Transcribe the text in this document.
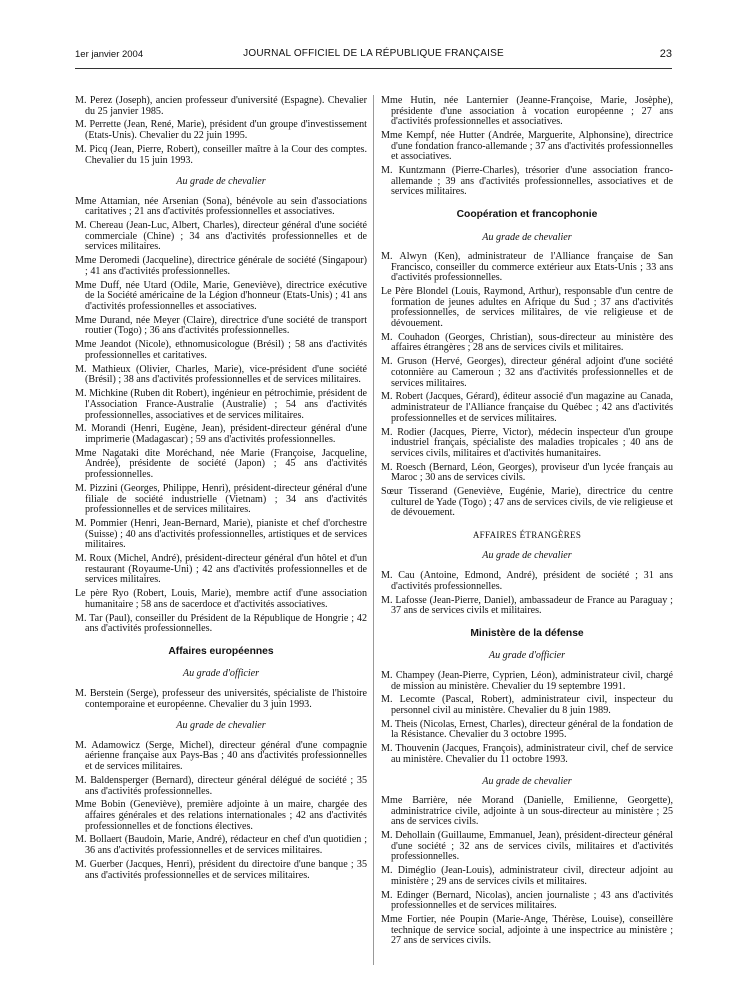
1er janvier 2004	JOURNAL OFFICIEL DE LA RÉPUBLIQUE FRANÇAISE	23

M. Perez (Joseph), ancien professeur d'université (Espagne). Chevalier du 25 janvier 1985.

M. Perrette (Jean, René, Marie), président d'un groupe d'investissement (Etats-Unis). Chevalier du 22 juin 1995.

M. Picq (Jean, Pierre, Robert), conseiller maître à la Cour des comptes. Chevalier du 15 juin 1993.

Au grade de chevalier

Mme Attamian, née Arsenian (Sona), bénévole au sein d'associations caritatives ; 21 ans d'activités professionnelles et associatives.

M. Chereau (Jean-Luc, Albert, Charles), directeur général d'une société commerciale (Chine) ; 34 ans d'activités professionnelles et de services militaires.

Mme Deromedi (Jacqueline), directrice générale de société (Singapour) ; 41 ans d'activités professionnelles.

Mme Duff, née Utard (Odile, Marie, Geneviève), directrice exécutive de la Société américaine de la Légion d'honneur (Etats-Unis) ; 41 ans d'activités professionnelles et associatives.

Mme Durand, née Meyer (Claire), directrice d'une société de transport routier (Togo) ; 36 ans d'activités professionnelles.

Mme Jeandot (Nicole), ethnomusicologue (Brésil) ; 58 ans d'activités professionnelles et caritatives.

M. Mathieux (Olivier, Charles, Marie), vice-président d'une société (Brésil) ; 38 ans d'activités professionnelles et de services militaires.

M. Michkine (Ruben dit Robert), ingénieur en pétrochimie, président de l'Association France-Australie (Australie) ; 54 ans d'activités professionnelles, associatives et de services militaires.

M. Morandi (Henri, Eugène, Jean), président-directeur général d'une imprimerie (Madagascar) ; 59 ans d'activités professionnelles.

Mme Nagataki dite Moréchand, née Marie (Françoise, Jacqueline, Andrée), présidente de société (Japon) ; 45 ans d'activités professionnelles.

M. Pizzini (Georges, Philippe, Henri), président-directeur général d'une filiale de société industrielle (Vietnam) ; 34 ans d'activités professionnelles et de services militaires.

M. Pommier (Henri, Jean-Bernard, Marie), pianiste et chef d'orchestre (Suisse) ; 40 ans d'activités professionnelles, artistiques et de services militaires.

M. Roux (Michel, André), président-directeur général d'un hôtel et d'un restaurant (Royaume-Uni) ; 42 ans d'activités professionnelles et de services militaires.

Le père Ryo (Robert, Louis, Marie), membre actif d'une association humanitaire ; 58 ans de sacerdoce et d'activités associatives.

M. Tar (Paul), conseiller du Président de la République de Hongrie ; 42 ans d'activités professionnelles.

Affaires européennes
Au grade d'officier

M. Berstein (Serge), professeur des universités, spécialiste de l'histoire contemporaine et européenne. Chevalier du 3 juin 1993.

Au grade de chevalier

M. Adamowicz (Serge, Michel), directeur général d'une compagnie aérienne française aux Pays-Bas ; 40 ans d'activités professionnelles et de services militaires.

M. Baldensperger (Bernard), directeur général délégué de société ; 35 ans d'activités professionnelles.

Mme Bobin (Geneviève), première adjointe à un maire, chargée des affaires générales et des relations internationales ; 42 ans d'activités professionnelles et de fonctions électives.

M. Bollaert (Baudoin, Marie, André), rédacteur en chef d'un quotidien ; 36 ans d'activités professionnelles et de services militaires.

M. Guerber (Jacques, Henri), président du directoire d'une banque ; 35 ans d'activités professionnelles et de services militaires.

Mme Hutin, née Lanternier (Jeanne-Françoise, Marie, Josèphe), présidente d'une association à vocation européenne ; 27 ans d'activités professionnelles et associatives.

Mme Kempf, née Hutter (Andrée, Marguerite, Alphonsine), directrice d'une fondation franco-allemande ; 37 ans d'activités professionnelles et associatives.

M. Kuntzmann (Pierre-Charles), trésorier d'une association franco-allemande ; 39 ans d'activités professionnelles, associatives et de services militaires.

Coopération et francophonie
Au grade de chevalier

M. Alwyn (Ken), administrateur de l'Alliance française de San Francisco, conseiller du commerce extérieur aux Etats-Unis ; 33 ans d'activités professionnelles.

Le Père Blondel (Louis, Raymond, Arthur), responsable d'un centre de formation de jeunes adultes en Afrique du Sud ; 37 ans d'activités professionnelles, de services militaires, de vie religieuse et de dévouement.

M. Couhadon (Georges, Christian), sous-directeur au ministère des affaires étrangères ; 28 ans de services civils et militaires.

M. Gruson (Hervé, Georges), directeur général adjoint d'une société cotonnière au Cameroun ; 32 ans d'activités professionnelles et de services militaires.

M. Robert (Jacques, Gérard), éditeur associé d'un magazine au Canada, administrateur de l'Alliance française du Québec ; 42 ans d'activités professionnelles et de services militaires.

M. Rodier (Jacques, Pierre, Victor), médecin inspecteur d'un groupe industriel français, spécialiste des maladies tropicales ; 40 ans de services civils, militaires et d'activités humanitaires.

M. Roesch (Bernard, Léon, Georges), proviseur d'un lycée français au Maroc ; 30 ans de services civils.

Sœur Tisserand (Geneviève, Eugénie, Marie), directrice du centre culturel de Yade (Togo) ; 47 ans de services civils, de vie religieuse et de dévouement.

AFFAIRES ÉTRANGÈRES
Au grade de chevalier

M. Cau (Antoine, Edmond, André), président de société ; 31 ans d'activités professionnelles.

M. Lafosse (Jean-Pierre, Daniel), ambassadeur de France au Paraguay ; 37 ans de services civils et militaires.

Ministère de la défense
Au grade d'officier

M. Champey (Jean-Pierre, Cyprien, Léon), administrateur civil, chargé de mission au ministère. Chevalier du 19 septembre 1991.

M. Lecomte (Pascal, Robert), administrateur civil, inspecteur du personnel civil au ministère. Chevalier du 8 juin 1989.

M. Theis (Nicolas, Ernest, Charles), directeur général de la fondation de la Résistance. Chevalier du 3 octobre 1995.

M. Thouvenin (Jacques, François), administrateur civil, chef de service au ministère. Chevalier du 11 octobre 1993.

Au grade de chevalier

Mme Barrière, née Morand (Danielle, Emilienne, Georgette), administratrice civile, adjointe à un sous-directeur au ministère ; 25 ans de services civils.

M. Dehollain (Guillaume, Emmanuel, Jean), président-directeur général d'une société ; 32 ans de services civils, militaires et d'activités professionnelles.

M. Diméglio (Jean-Louis), administrateur civil, directeur adjoint au ministère ; 29 ans de services civils et militaires.

M. Edinger (Bernard, Nicolas), ancien journaliste ; 43 ans d'activités professionnelles et de services militaires.

Mme Fortier, née Poupin (Marie-Ange, Thérèse, Louise), conseillère technique de service social, adjointe à une inspectrice au ministère ; 27 ans de services civils.
